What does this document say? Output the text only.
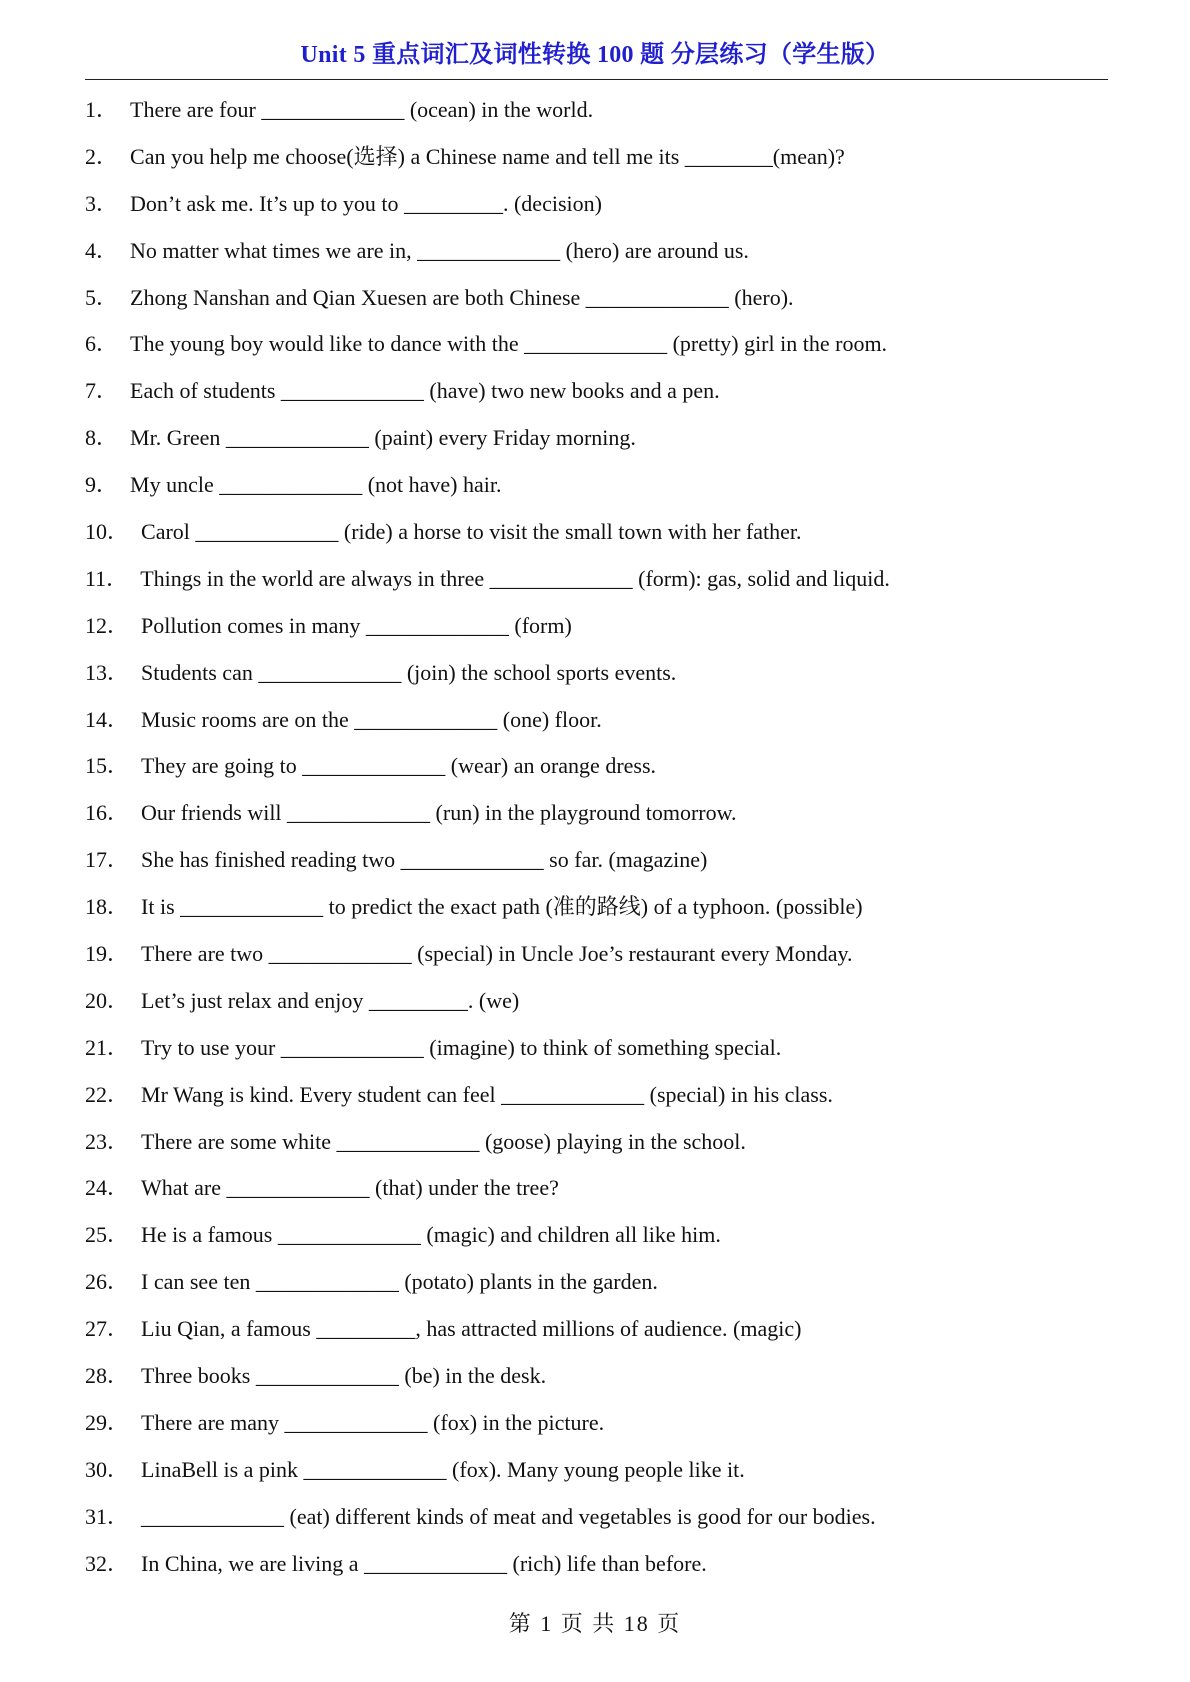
Unit 5 重点词汇及词性转换 100 题 分层练习（学生版）
1． There are four _____________ (ocean) in the world.
2． Can you help me choose(选择) a Chinese name and tell me its ________(mean)?
3． Don’t ask me. It’s up to you to _________. (decision)
4． No matter what times we are in, _____________ (hero) are around us.
5． Zhong Nanshan and Qian Xuesen are both Chinese _____________ (hero).
6． The young boy would like to dance with the _____________ (pretty) girl in the room.
7． Each of students _____________ (have) two new books and a pen.
8． Mr. Green _____________ (paint) every Friday morning.
9． My uncle _____________ (not have) hair.
10． Carol _____________ (ride) a horse to visit the small town with her father.
11． Things in the world are always in three _____________ (form): gas, solid and liquid.
12． Pollution comes in many _____________ (form)
13． Students can _____________ (join) the school sports events.
14． Music rooms are on the _____________ (one) floor.
15． They are going to _____________ (wear) an orange dress.
16． Our friends will _____________ (run) in the playground tomorrow.
17． She has finished reading two _____________ so far. (magazine)
18． It is _____________ to predict the exact path (准的路线) of a typhoon. (possible)
19． There are two _____________ (special) in Uncle Joe’s restaurant every Monday.
20． Let’s just relax and enjoy _________. (we)
21． Try to use your _____________ (imagine) to think of something special.
22． Mr Wang is kind. Every student can feel _____________ (special) in his class.
23． There are some white _____________ (goose) playing in the school.
24． What are _____________ (that) under the tree?
25． He is a famous _____________ (magic) and children all like him.
26． I can see ten _____________ (potato) plants in the garden.
27． Liu Qian, a famous _________, has attracted millions of audience. (magic)
28． Three books _____________ (be) in the desk.
29． There are many _____________ (fox) in the picture.
30． LinaBell is a pink _____________ (fox). Many young people like it.
31． _____________ (eat) different kinds of meat and vegetables is good for our bodies.
32． In China, we are living a _____________ (rich) life than before.
第 1 页 共 18 页
